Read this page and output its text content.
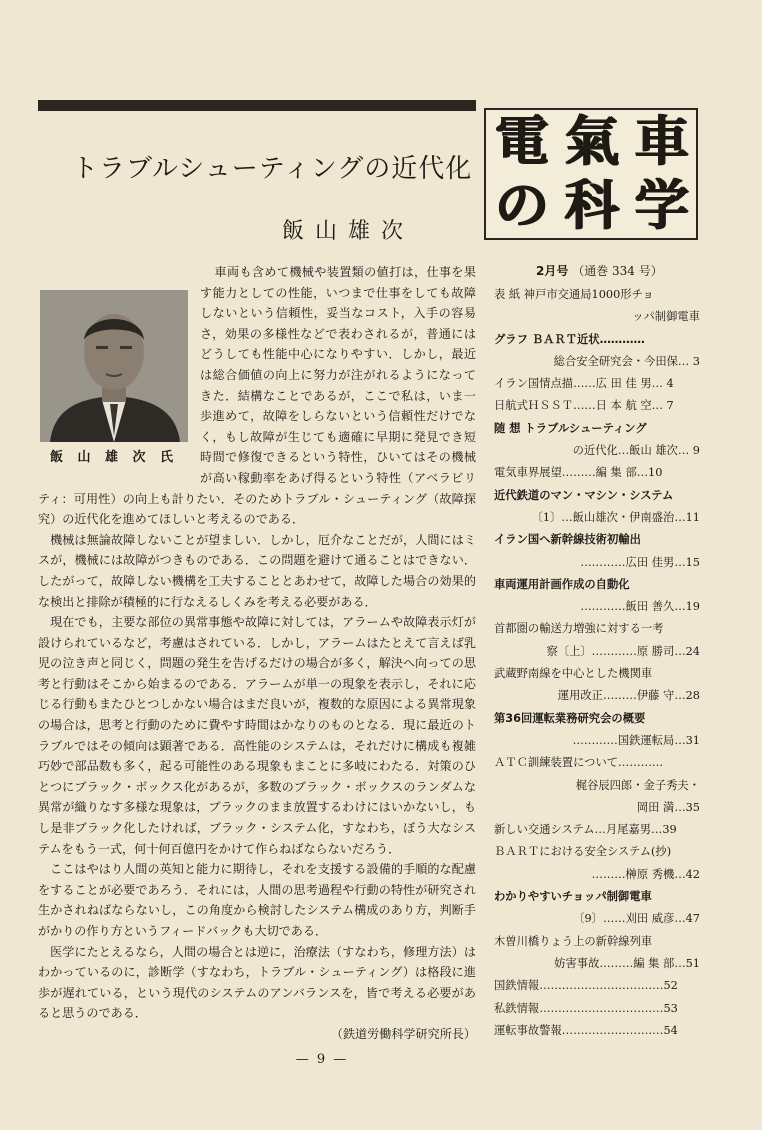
トラブルシューティングの近代化
飯山雄次
飯 山 雄 次 氏

車両も含めて機械や装置類の値打は，仕事を果す能力としての性能，いつまで仕事をしても故障しないという信頼性，妥当なコスト，入手の容易さ，効果の多様性などで表わされるが，普通にはどうしても性能中心になりやすい．しかし，最近は総合価値の向上に努力が注がれるようになってきた．結構なことであるが，ここで私は，いま一歩進めて，故障をしらないという信頼性だけでなく，もし故障が生じても適確に早期に発見でき短時間で修復できるという特性，ひいてはその機械が高い稼動率をあげ得るという特性（アベラビリティ：可用性）の向上も計りたい．そのためトラブル・シューティング（故障探究）の近代化を進めてほしいと考えるのである．

機械は無論故障しないことが望ましい．しかし，厄介なことだが，人間にはミスが，機械には故障がつきものである．この問題を避けて通ることはできない．したがって，故障しない機構を工夫することとあわせて，故障した場合の効果的な検出と排除が積極的に行なえるしくみを考える必要がある．

現在でも，主要な部位の異常事態や故障に対しては，アラームや故障表示灯が設けられているなど，考慮はされている．しかし，アラームはたとえて言えば乳児の泣き声と同じく，問題の発生を告げるだけの場合が多く，解決へ向っての思考と行動はそこから始まるのである．アラームが単一の現象を表示し，それに応じる行動もまたひとつしかない場合はまだ良いが，複数的な原因による異常現象の場合は，思考と行動のために費やす時間はかなりのものとなる．現に最近のトラブルではその傾向は顕著である．高性能のシステムは，それだけに構成も複雑巧妙で部品数も多く，起る可能性のある現象もまことに多岐にわたる．対策のひとつにブラック・ボックス化があるが，多数のブラック・ボックスのランダムな異常が織りなす多様な現象は，ブラックのまま放置するわけにはいかないし，もし是非ブラック化したければ，ブラック・システム化，すなわち，ぼう大なシステムをもう一式，何十何百億円をかけて作らねばならないだろう．

ここはやはり人間の英知と能力に期待し，それを支援する設備的手順的な配慮をすることが必要であろう．それには，人間の思考過程や行動の特性が研究され生かされねばならないし，この角度から検討したシステム構成のあり方，判断手がかりの作り方というフィードバックも大切である．

医学にたとえるなら，人間の場合とは逆に，治療法（すなわち，修理方法）はわかっているのに，診断学（すなわち，トラブル・シューティング）は格段に進歩が遅れている，という現代のシステムのアンバランスを，皆で考える必要があると思うのである．

（鉄道労働科学研究所長）

— 9 —
電 氣 車
の 科 学
2月号 （通巻 334 号）
表 紙 神戸市交通局1000形チョ
ッパ制御電車
グラフ ＢＡＲＴ近状…………
総合安全研究会・今田保… 3
イラン国情点描……広 田 佳 男… 4
日航式ＨＳＳＴ……日 本 航 空… 7
随 想 トラブルシューティング
の近代化…飯山 雄次… 9
電気車界展望………編 集 部…10
近代鉄道のマン・マシン・システム
〔1〕…飯山雄次・伊南盛治…11
イラン国へ新幹線技術初輸出
…………広田 佳男…15
車両運用計画作成の自動化
…………飯田 善久…19
首都圏の輸送力増強に対する一考
察〔上〕…………原 勝司…24
武蔵野南線を中心とした機関車
運用改正………伊藤 守…28
第36回運転業務研究会の概要
…………国鉄運転局…31
ＡＴＣ訓練装置について…………
梶谷辰四郎・金子秀夫・
岡田 満…35
新しい交通システム…月尾嘉男…39
ＢＡＲＴにおける安全システム(抄)
………榊原 秀機…42
わかりやすいチョッパ制御電車
〔9〕……刈田 威彦…47
木曽川橋りょう上の新幹線列車
妨害事故………編 集 部…51
国鉄情報……………………………52
私鉄情報……………………………53
運転事故警報………………………54
